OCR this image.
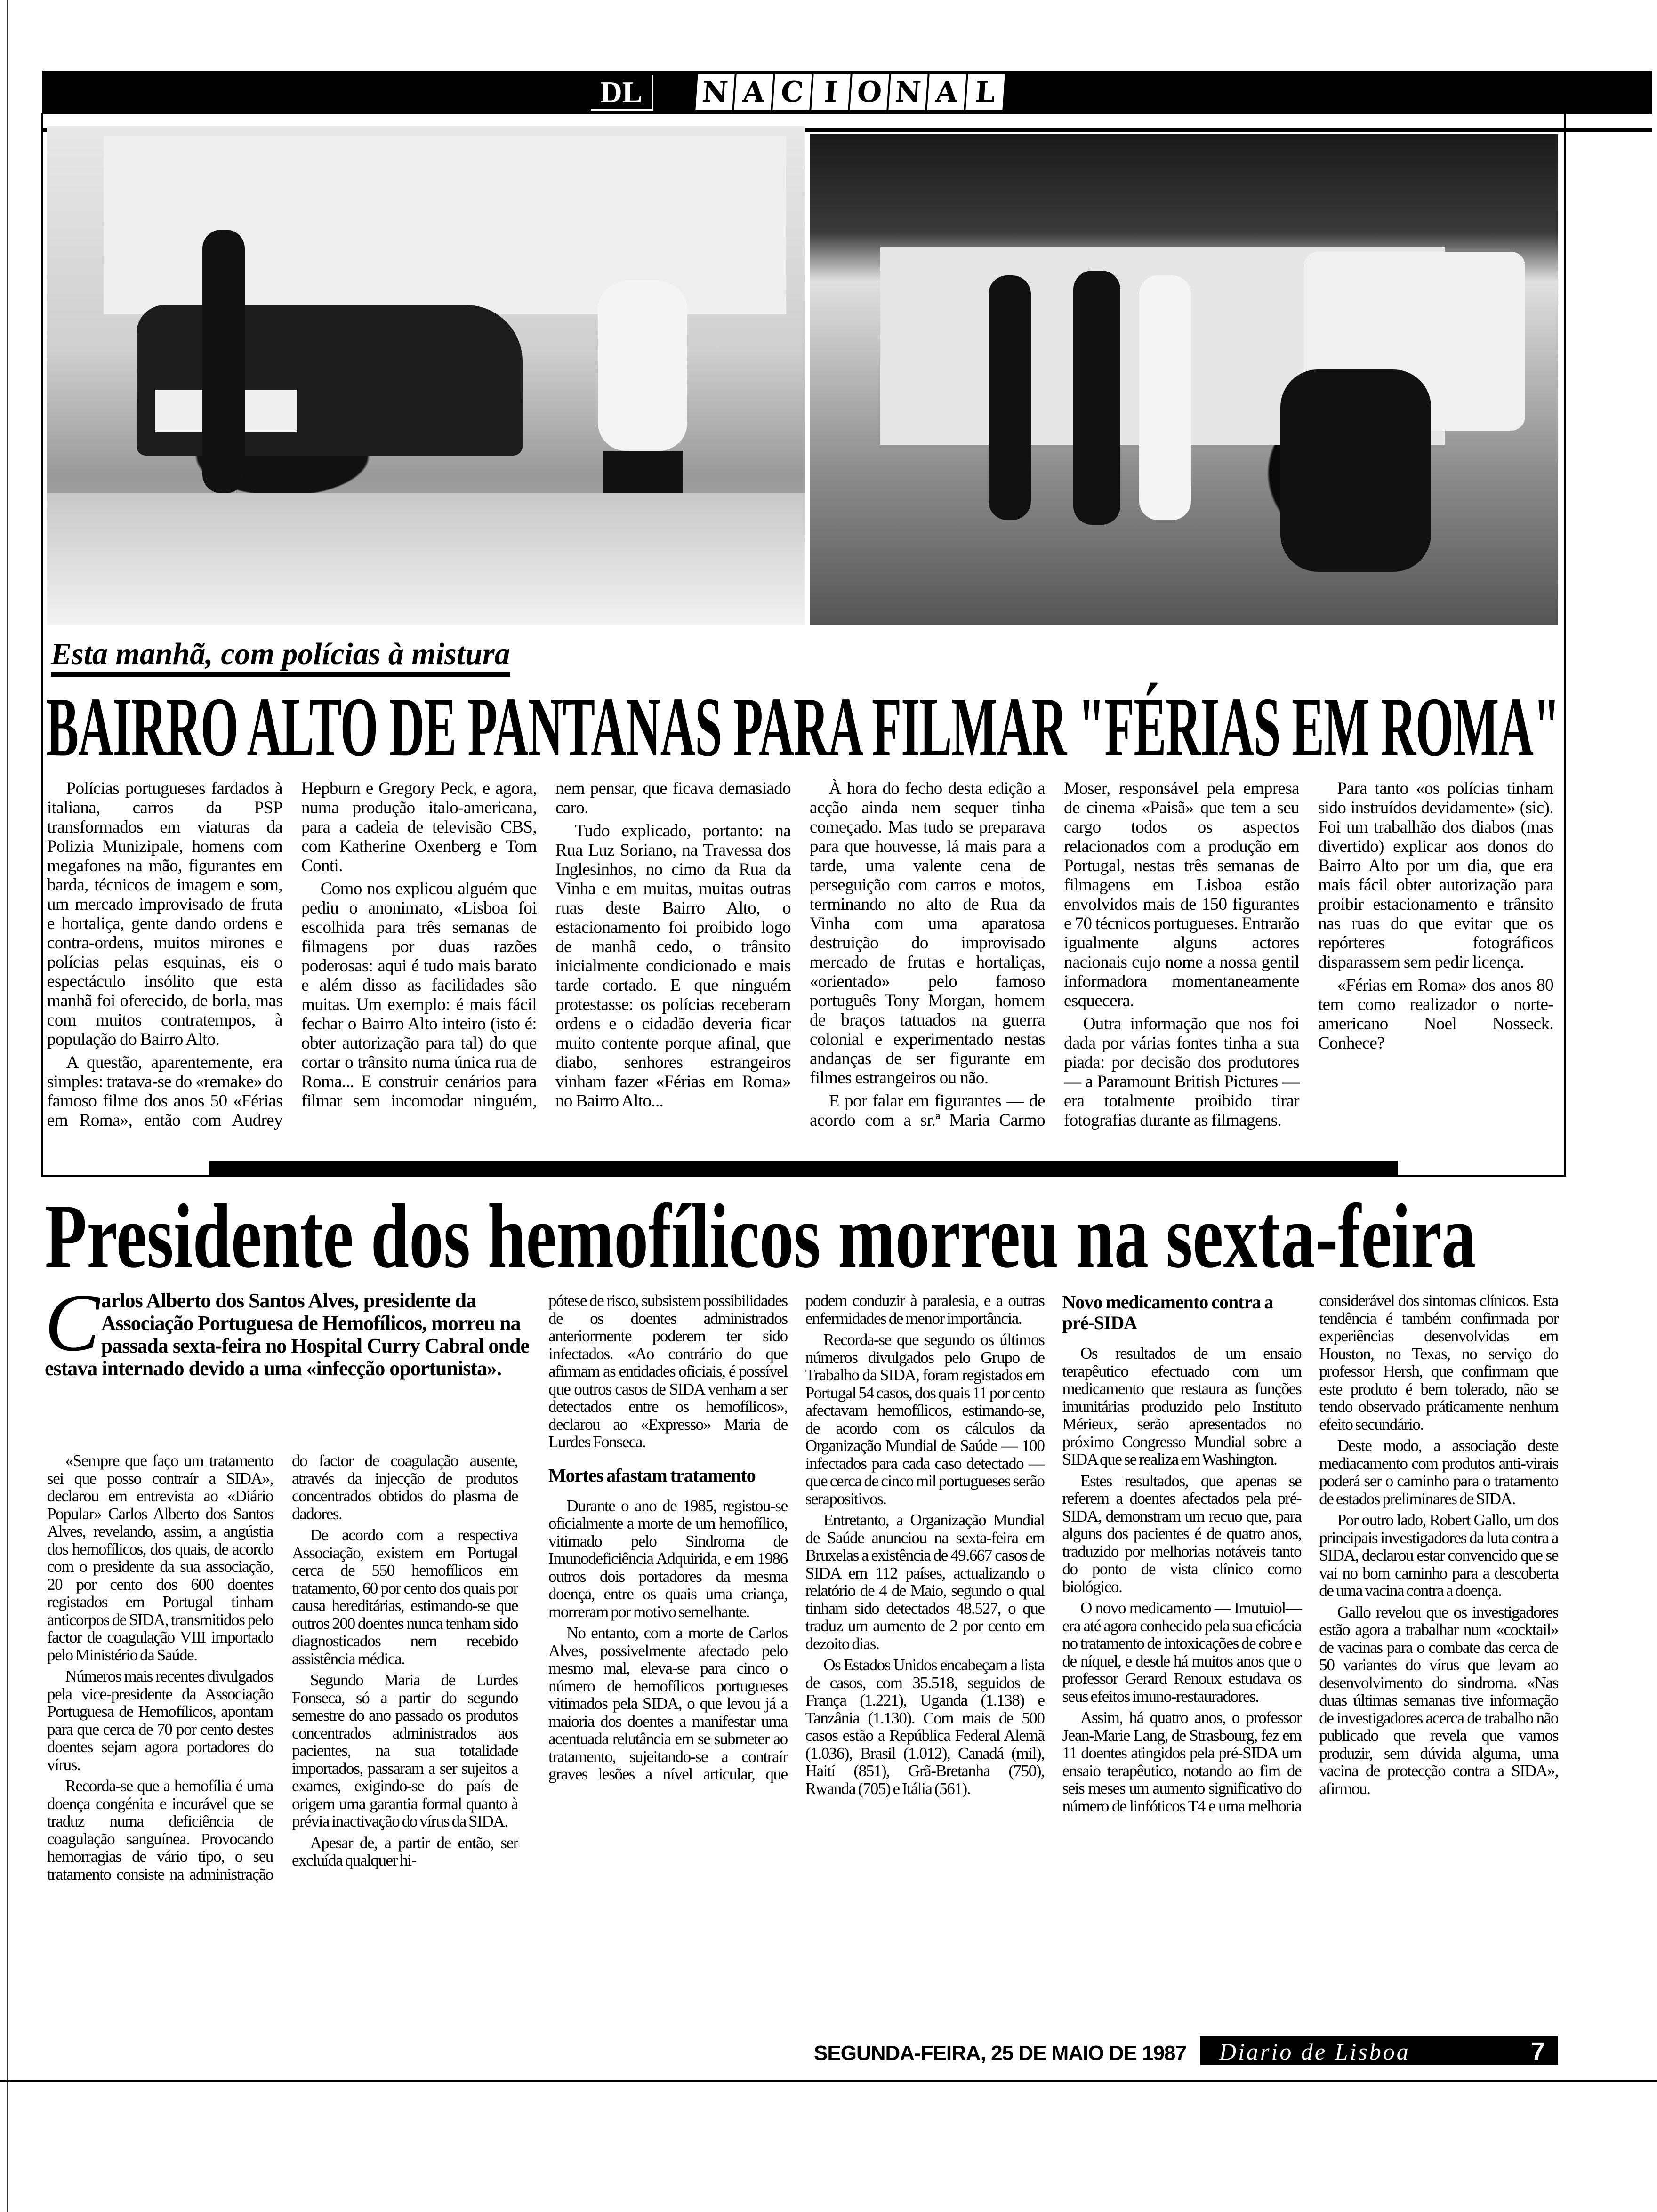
DL	N A C I O N A L
Esta manhã, com polícias à mistura
BAIRRO ALTO DE PANTANAS PARA FILMAR "FÉRIAS EM ROMA"

Polícias portugueses fardados à italiana, carros da PSP transformados em viaturas da Polizia Munizipale, homens com megafones na mão, figurantes em barda, técnicos de imagem e som, um mercado improvisado de fruta e hortaliça, gente dando ordens e contra-ordens, muitos mirones e polícias pelas esquinas, eis o espectáculo insólito que esta manhã foi oferecido, de borla, mas com muitos contratempos, à população do Bairro Alto.

A questão, aparentemente, era simples: tratava-se do «remake» do famoso filme dos anos 50 «Férias em Roma», então com Audrey Hepburn e Gregory Peck, e agora, numa produção italo-americana, para a cadeia de televisão CBS, com Katherine Oxenberg e Tom Conti.

Como nos explicou alguém que pediu o anonimato, «Lisboa foi escolhida para três semanas de filmagens por duas razões poderosas: aqui é tudo mais barato e além disso as facilidades são muitas. Um exemplo: é mais fácil fechar o Bairro Alto inteiro (isto é: obter autorização para tal) do que cortar o trânsito numa única rua de Roma... E construir cenários para filmar sem incomodar ninguém, nem pensar, que ficava demasiado caro.

Tudo explicado, portanto: na Rua Luz Soriano, na Travessa dos Inglesinhos, no cimo da Rua da Vinha e em muitas, muitas outras ruas deste Bairro Alto, o estacionamento foi proibido logo de manhã cedo, o trânsito inicialmente condicionado e mais tarde cortado. E que ninguém protestasse: os polícias receberam ordens e o cidadão deveria ficar muito contente porque afinal, que diabo, senhores estrangeiros vinham fazer «Férias em Roma» no Bairro Alto...

À hora do fecho desta edição a acção ainda nem sequer tinha começado. Mas tudo se preparava para que houvesse, lá mais para a tarde, uma valente cena de perseguição com carros e motos, terminando no alto de Rua da Vinha com uma aparatosa destruição do improvisado mercado de frutas e hortaliças, «orientado» pelo famoso português Tony Morgan, homem de braços tatuados na guerra colonial e experimentado nestas andanças de ser figurante em filmes estrangeiros ou não.

E por falar em figurantes — de acordo com a sr.ª Maria Carmo Moser, responsável pela empresa de cinema «Paisã» que tem a seu cargo todos os aspectos relacionados com a produção em Portugal, nestas três semanas de filmagens em Lisboa estão envolvidos mais de 150 figurantes e 70 técnicos portugueses. Entrarão igualmente alguns actores nacionais cujo nome a nossa gentil informadora momentaneamente esquecera.

Outra informação que nos foi dada por várias fontes tinha a sua piada: por decisão dos produtores — a Paramount British Pictures — era totalmente proibido tirar fotografias durante as filmagens.

Para tanto «os polícias tinham sido instruídos devidamente» (sic). Foi um trabalhão dos diabos (mas divertido) explicar aos donos do Bairro Alto por um dia, que era mais fácil obter autorização para proibir estacionamento e trânsito nas ruas do que evitar que os repórteres fotográficos disparassem sem pedir licença.

«Férias em Roma» dos anos 80 tem como realizador o norte-americano Noel Nosseck. Conhece?

Presidente dos hemofílicos morreu na sexta-feira
Carlos Alberto dos Santos Alves, presidente da Associação Portuguesa de Hemofílicos, morreu na passada sexta-feira no Hospital Curry Cabral onde estava internado devido a uma «infecção oportunista».

«Sempre que faço um tratamento sei que posso contraír a SIDA», declarou em entrevista ao «Diário Popular» Carlos Alberto dos Santos Alves, revelando, assim, a angústia dos hemofílicos, dos quais, de acordo com o presidente da sua associação, 20 por cento dos 600 doentes registados em Portugal tinham anticorpos de SIDA, transmitidos pelo factor de coagulação VIII importado pelo Ministério da Saúde.

Números mais recentes divulgados pela vice-presidente da Associação Portuguesa de Hemofílicos, apontam para que cerca de 70 por cento destes doentes sejam agora portadores do vírus.

Recorda-se que a hemofília é uma doença congénita e incurável que se traduz numa deficiência de coagulação sanguínea. Provocando hemorragias de vário tipo, o seu tratamento consiste na administração do factor de coagulação ausente, através da injecção de produtos concentrados obtidos do plasma de dadores.

De acordo com a respectiva Associação, existem em Portugal cerca de 550 hemofílicos em tratamento, 60 por cento dos quais por causa hereditárias, estimando-se que outros 200 doentes nunca tenham sido diagnosticados nem recebido assistência médica.

Segundo Maria de Lurdes Fonseca, só a partir do segundo semestre do ano passado os produtos concentrados administrados aos pacientes, na sua totalidade importados, passaram a ser sujeitos a exames, exigindo-se do país de origem uma garantia formal quanto à prévia inactivação do vírus da SIDA.

Apesar de, a partir de então, ser excluída qualquer hi-

pótese de risco, subsistem possibilidades de os doentes administrados anteriormente poderem ter sido infectados. «Ao contrário do que afirmam as entidades oficiais, é possível que outros casos de SIDA venham a ser detectados entre os hemofílicos», declarou ao «Expresso» Maria de Lurdes Fonseca.

Mortes afastam tratamento

Durante o ano de 1985, registou-se oficialmente a morte de um hemofílico, vitimado pelo Sindroma de Imunodeficiência Adquirida, e em 1986 outros dois portadores da mesma doença, entre os quais uma criança, morreram por motivo semelhante.

No entanto, com a morte de Carlos Alves, possivelmente afectado pelo mesmo mal, eleva-se para cinco o número de hemofílicos portugueses vitimados pela SIDA, o que levou já a maioria dos doentes a manifestar uma acentuada relutância em se submeter ao tratamento, sujeitando-se a contraír graves lesões a nível articular, que podem conduzir à paralesia, e a outras enfermidades de menor importância.

Recorda-se que segundo os últimos números divulgados pelo Grupo de Trabalho da SIDA, foram registados em Portugal 54 casos, dos quais 11 por cento afectavam hemofílicos, estimando-se, de acordo com os cálculos da Organização Mundial de Saúde — 100 infectados para cada caso detectado — que cerca de cinco mil portugueses serão serapositivos.

Entretanto, a Organização Mundial de Saúde anunciou na sexta-feira em Bruxelas a existência de 49.667 casos de SIDA em 112 países, actualizando o relatório de 4 de Maio, segundo o qual tinham sido detectados 48.527, o que traduz um aumento de 2 por cento em dezoito dias.

Os Estados Unidos encabeçam a lista de casos, com 35.518, seguidos de França (1.221), Uganda (1.138) e Tanzânia (1.130). Com mais de 500 casos estão a República Federal Alemã (1.036), Brasil (1.012), Canadá (mil), Haití (851), Grã-Bretanha (750), Rwanda (705) e Itália (561).

Novo medicamento contra a pré-SIDA

Os resultados de um ensaio terapêutico efectuado com um medicamento que restaura as funções imunitárias produzido pelo Instituto Mérieux, serão apresentados no próximo Congresso Mundial sobre a SIDA que se realiza em Washington.

Estes resultados, que apenas se referem a doentes afectados pela pré-SIDA, demonstram um recuo que, para alguns dos pacientes é de quatro anos, traduzido por melhorias notáveis tanto do ponto de vista clínico como biológico.

O novo medicamento — Imutuiol— era até agora conhecido pela sua eficácia no tratamento de intoxicações de cobre e de níquel, e desde há muitos anos que o professor Gerard Renoux estudava os seus efeitos imuno-restauradores.

Assim, há quatro anos, o professor Jean-Marie Lang, de Strasbourg, fez em 11 doentes atingidos pela pré-SIDA um ensaio terapêutico, notando ao fim de seis meses um aumento significativo do número de linfóticos T4 e uma melhoria considerável dos sintomas clínicos. Esta tendência é também confirmada por experiências desenvolvidas em Houston, no Texas, no serviço do professor Hersh, que confirmam que este produto é bem tolerado, não se tendo observado práticamente nenhum efeito secundário.

Deste modo, a associação deste mediacamento com produtos anti-virais poderá ser o caminho para o tratamento de estados preliminares de SIDA.

Por outro lado, Robert Gallo, um dos principais investigadores da luta contra a SIDA, declarou estar convencido que se vai no bom caminho para a descoberta de uma vacina contra a doença.

Gallo revelou que os investigadores estão agora a trabalhar num «cocktail» de vacinas para o combate das cerca de 50 variantes do vírus que levam ao desenvolvimento do sindroma. «Nas duas últimas semanas tive informação de investigadores acerca de trabalho não publicado que revela que vamos produzir, sem dúvida alguma, uma vacina de protecção contra a SIDA», afirmou.

SEGUNDA-FEIRA, 25 DE MAIO DE 1987 Diario de Lisboa	7
